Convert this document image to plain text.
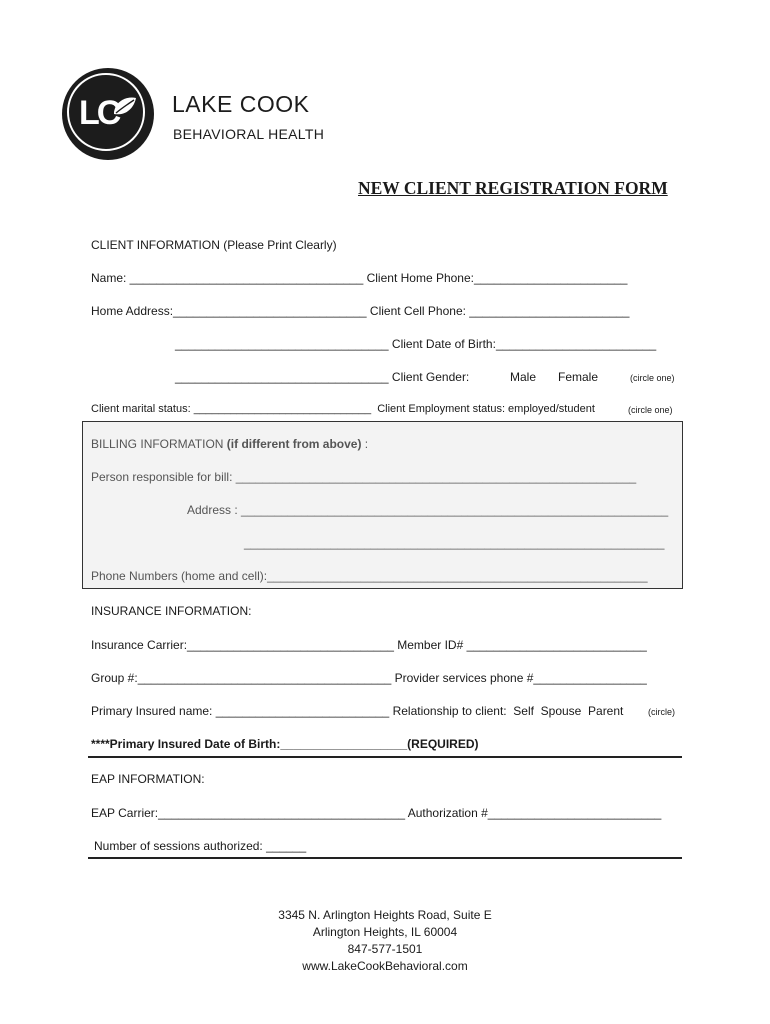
LC LAKE COOK
BEHAVIORAL HEALTH
NEW CLIENT REGISTRATION FORM
CLIENT INFORMATION (Please Print Clearly)
Name: ___________________________________ Client Home Phone:_______________________
Home Address:_____________________________ Client Cell Phone: ________________________
________________________________ Client Date of Birth:________________________
________________________________ Client Gender:	Male Female	(circle one)
Client marital status: _____________________________  Client Employment status: employed/student	(circle one)
BILLING INFORMATION (if different from above) :
Person responsible for bill: ____________________________________________________________
Address : ________________________________________________________________
_______________________________________________________________
Phone Numbers (home and cell):_________________________________________________________
INSURANCE INFORMATION:
Insurance Carrier:_______________________________ Member ID# ___________________________
Group #:______________________________________ Provider services phone #_________________
Primary Insured name: __________________________ Relationship to client:  Self  Spouse  Parent	(circle)
****Primary Insured Date of Birth:___________________(REQUIRED)
EAP INFORMATION:
EAP Carrier:_____________________________________ Authorization #__________________________
Number of sessions authorized: ______
3345 N. Arlington Heights Road, Suite E
Arlington Heights, IL 60004
847-577-1501
www.LakeCookBehavioral.com
